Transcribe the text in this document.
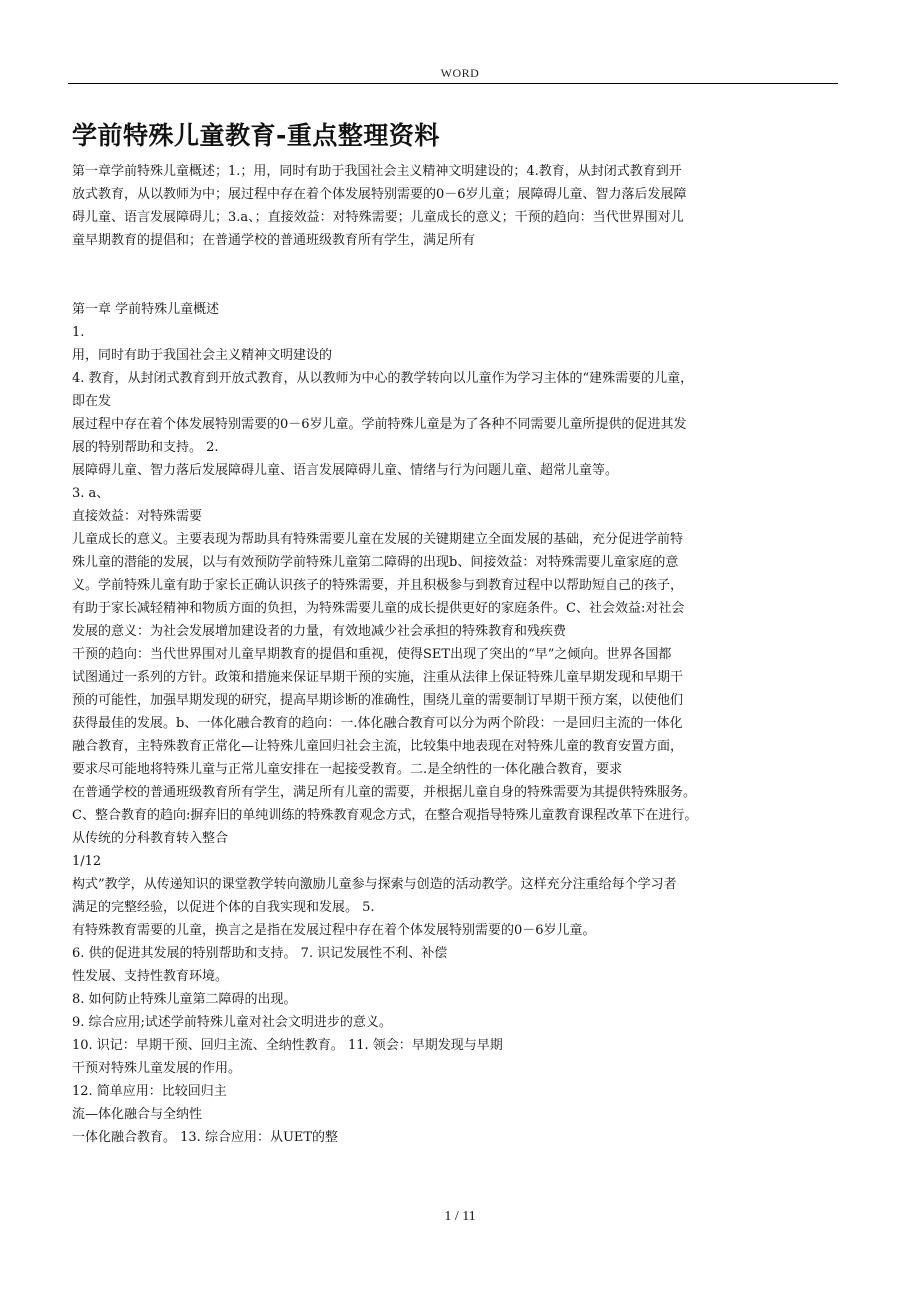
WORD
学前特殊儿童教育-重点整理资料

第一章学前特殊儿童概述；1.；用，同时有助于我国社会主义精神文明建设的；4.教育，从封闭式教育到开

放式教育，从以教师为中；展过程中存在着个体发展特别需要的0－6岁儿童；展障碍儿童、智力落后发展障

碍儿童、语言发展障碍儿；3.a、；直接效益：对特殊需要；儿童成长的意义；干预的趋向：当代世界围对儿

童早期教育的提倡和；在普通学校的普通班级教育所有学生，满足所有

第一章 学前特殊儿童概述

1.

用，同时有助于我国社会主义精神文明建设的

4. 教育，从封闭式教育到开放式教育，从以教师为中心的教学转向以儿童作为学习主体的“建殊需要的儿童，

即在发

展过程中存在着个体发展特别需要的0－6岁儿童。学前特殊儿童是为了各种不同需要儿童所提供的促进其发

展的特别帮助和支持。 2.

展障碍儿童、智力落后发展障碍儿童、语言发展障碍儿童、情绪与行为问题儿童、超常儿童等。

3. a、

直接效益：对特殊需要

儿童成长的意义。主要表现为帮助具有特殊需要儿童在发展的关键期建立全面发展的基础，充分促进学前特

殊儿童的潜能的发展，以与有效预防学前特殊儿童第二障碍的出现b、间接效益：对特殊需要儿童家庭的意

义。学前特殊儿童有助于家长正确认识孩子的特殊需要，并且积极参与到教育过程中以帮助短自己的孩子，

有助于家长减轻精神和物质方面的负担，为特殊需要儿童的成长提供更好的家庭条件。C、社会效益:对社会

发展的意义：为社会发展增加建设者的力量，有效地减少社会承担的特殊教育和残疾费

干预的趋向：当代世界围对儿童早期教育的提倡和重视，使得SET出现了突出的“早”之倾向。世界各国都

试图通过一系列的方针。政策和措施来保证早期干预的实施，注重从法律上保证特殊儿童早期发现和早期干

预的可能性，加强早期发现的研究，提高早期诊断的准确性，围绕儿童的需要制订早期干预方案，以使他们

获得最佳的发展。b、一体化融合教育的趋向：一.体化融合教育可以分为两个阶段：一是回归主流的一体化

融合教育，主特殊教育正常化—让特殊儿童回归社会主流，比较集中地表现在对特殊儿童的教育安置方面，

要求尽可能地将特殊儿童与正常儿童安排在一起接受教育。二.是全纳性的一体化融合教育，要求

在普通学校的普通班级教育所有学生，满足所有儿童的需要，并根据儿童自身的特殊需要为其提供特殊服务。

C、整合教育的趋向:摒弃旧的单纯训练的特殊教育观念方式，在整合观指导特殊儿童教育课程改革下在进行。

从传统的分科教育转入整合

1/12

构式”教学，从传递知识的课堂教学转向激励儿童参与探索与创造的活动教学。这样充分注重给每个学习者

满足的完整经验，以促进个体的自我实现和发展。 5.

有特殊教育需要的儿童，换言之是指在发展过程中存在着个体发展特别需要的0－6岁儿童。

6. 供的促进其发展的特别帮助和支持。 7. 识记发展性不利、补偿

性发展、支持性教育环境。

8. 如何防止特殊儿童第二障碍的出现。

9. 综合应用;试述学前特殊儿童对社会文明进步的意义。

10. 识记：早期干预、回归主流、全纳性教育。 11. 领会：早期发现与早期

干预对特殊儿童发展的作用。

12. 简单应用：比较回归主

流—体化融合与全纳性

一体化融合教育。 13. 综合应用：从UET的整

1 / 11
